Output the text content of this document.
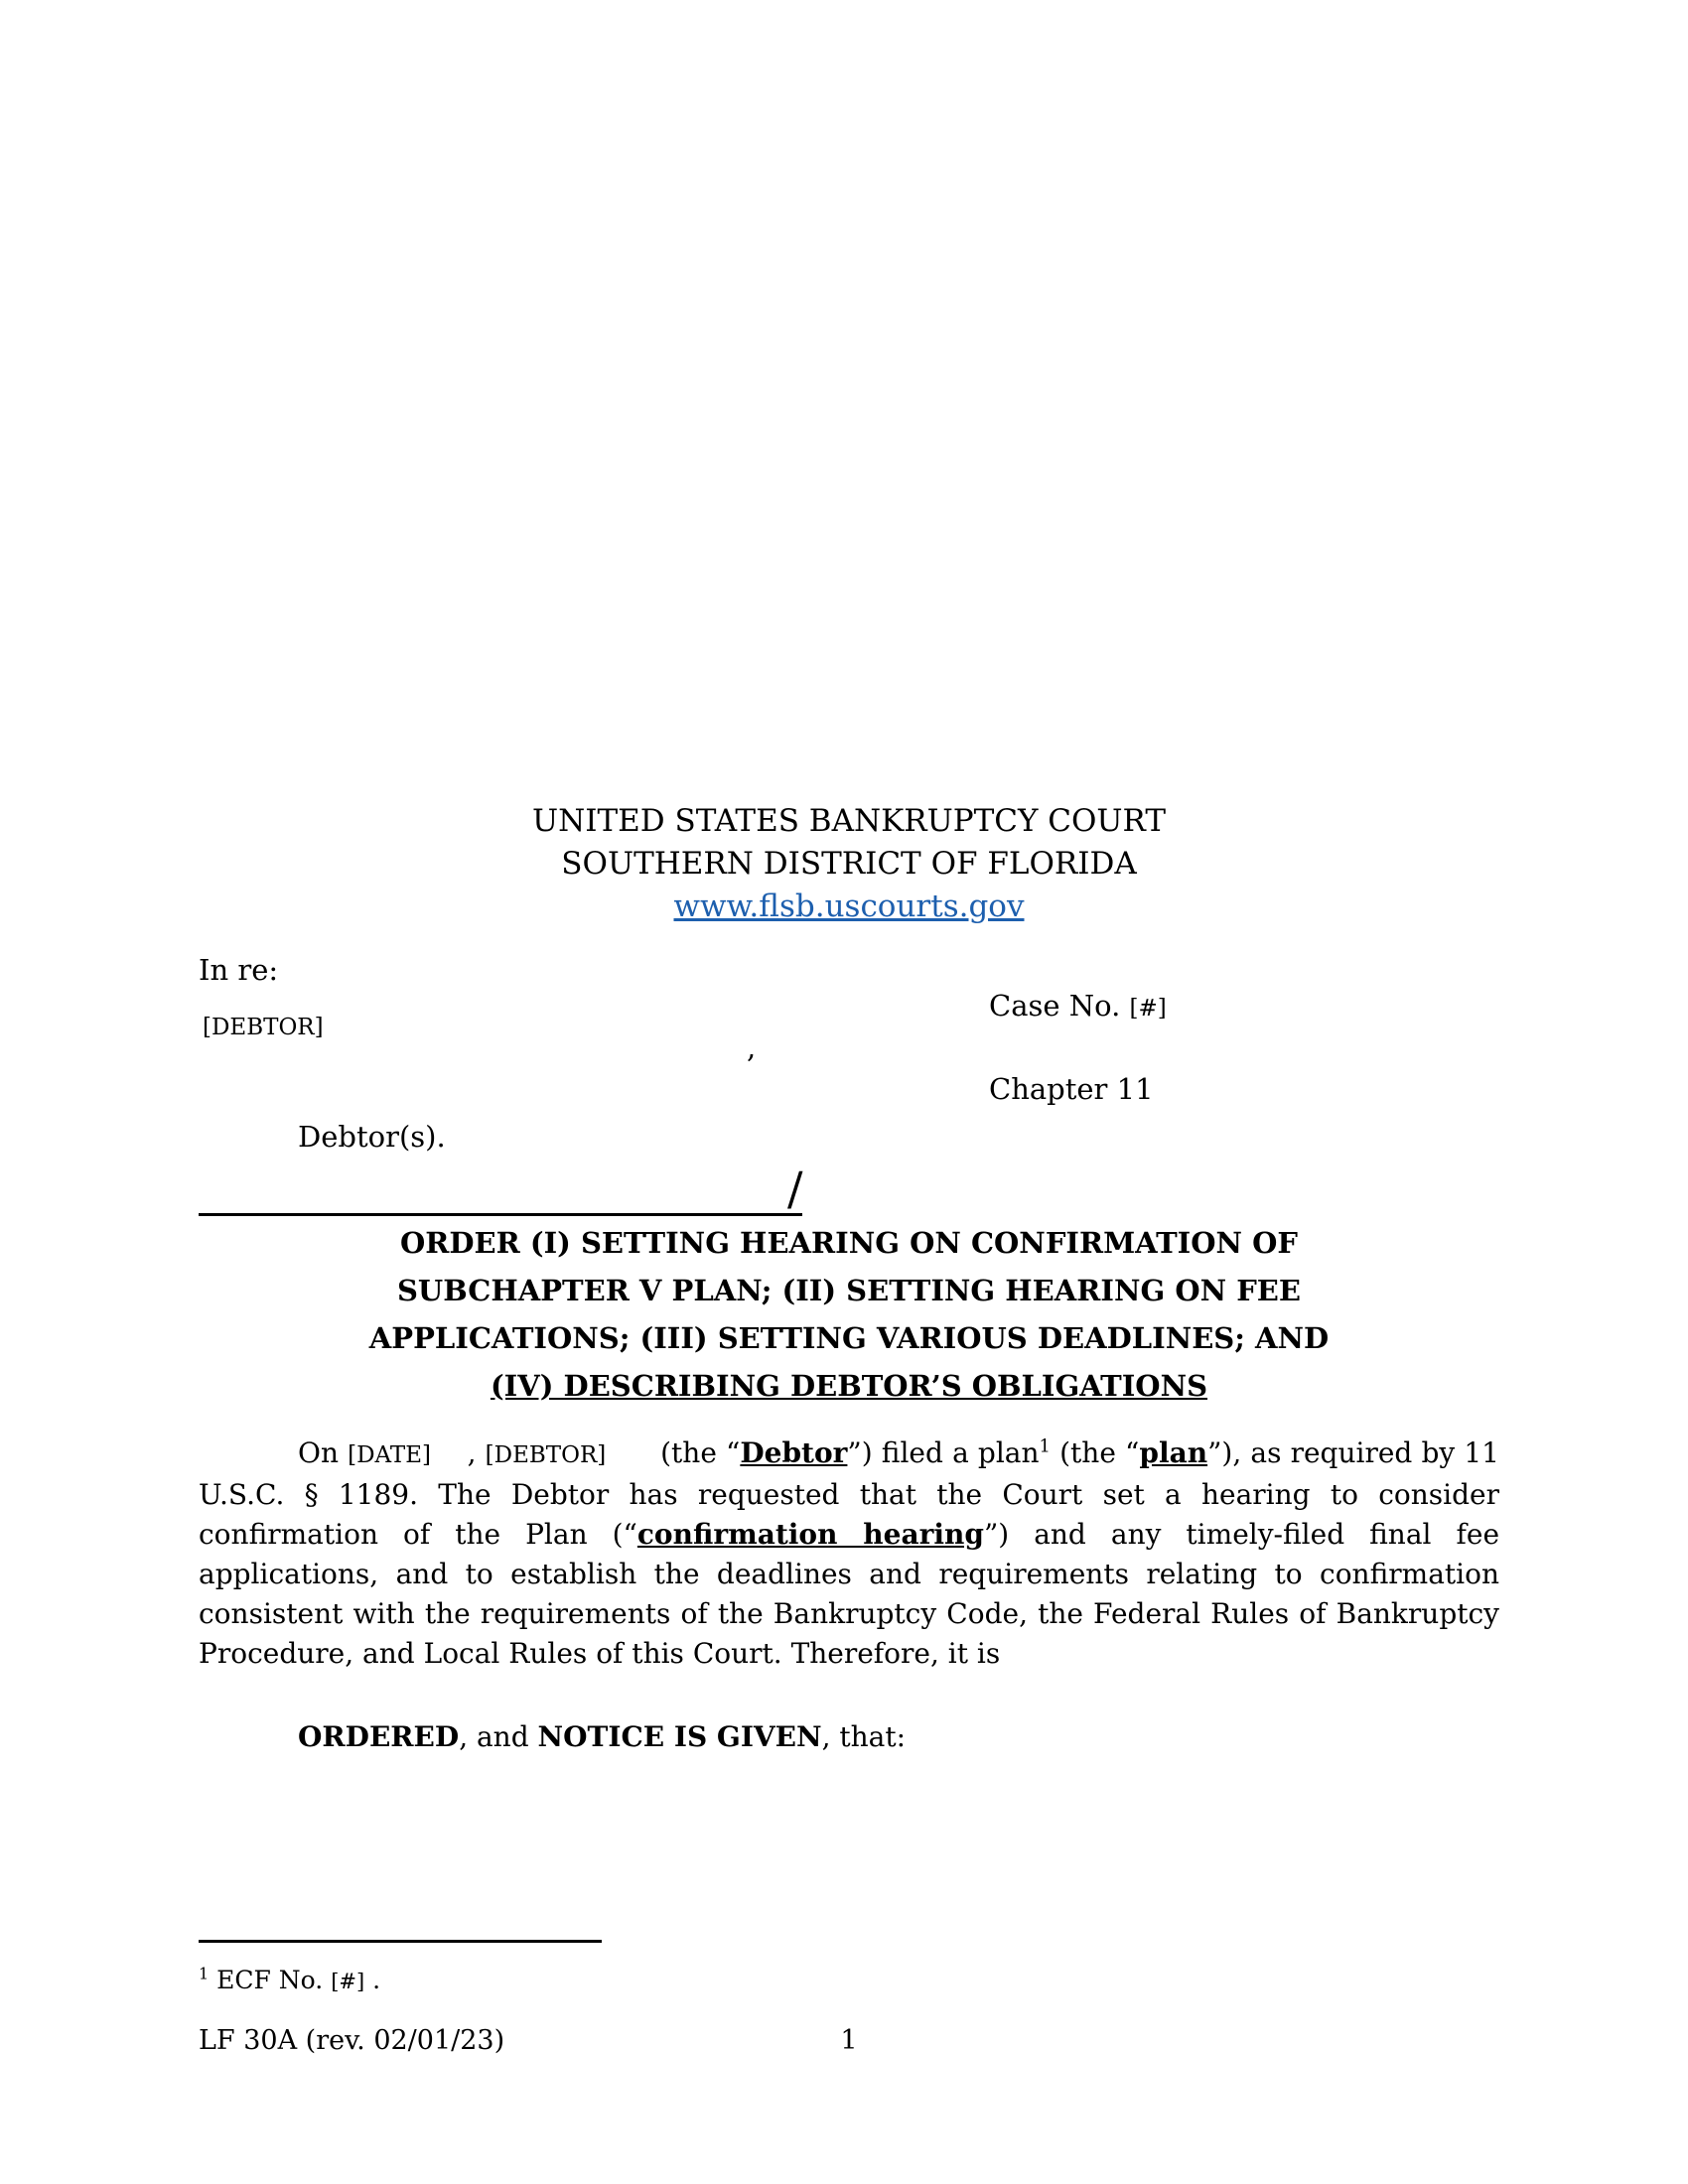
UNITED STATES BANKRUPTCY COURT
SOUTHERN DISTRICT OF FLORIDA
www.flsb.uscourts.gov
In re:
[DEBTOR]
,
Case No. [#]
Chapter 11
Debtor(s).
/
ORDER (I) SETTING HEARING ON CONFIRMATION OF
SUBCHAPTER V PLAN; (II) SETTING HEARING ON FEE
APPLICATIONS; (III) SETTING VARIOUS DEADLINES; AND
(IV) DESCRIBING DEBTOR’S OBLIGATIONS
On [DATE]    , [DEBTOR]      (the “Debtor”) filed a plan$^1$ (the “plan”), as required by 11 U.S.C. § 1189. The Debtor has requested that the Court set a hearing to consider confirmation of the Plan (“confirmation hearing”) and any timely-filed final fee applications, and to establish the deadlines and requirements relating to confirmation consistent with the requirements of the Bankruptcy Code, the Federal Rules of Bankruptcy Procedure, and Local Rules of this Court. Therefore, it is
ORDERED, and NOTICE IS GIVEN, that:
$^1$ ECF No. [#] .
LF 30A (rev. 02/01/23)	1
